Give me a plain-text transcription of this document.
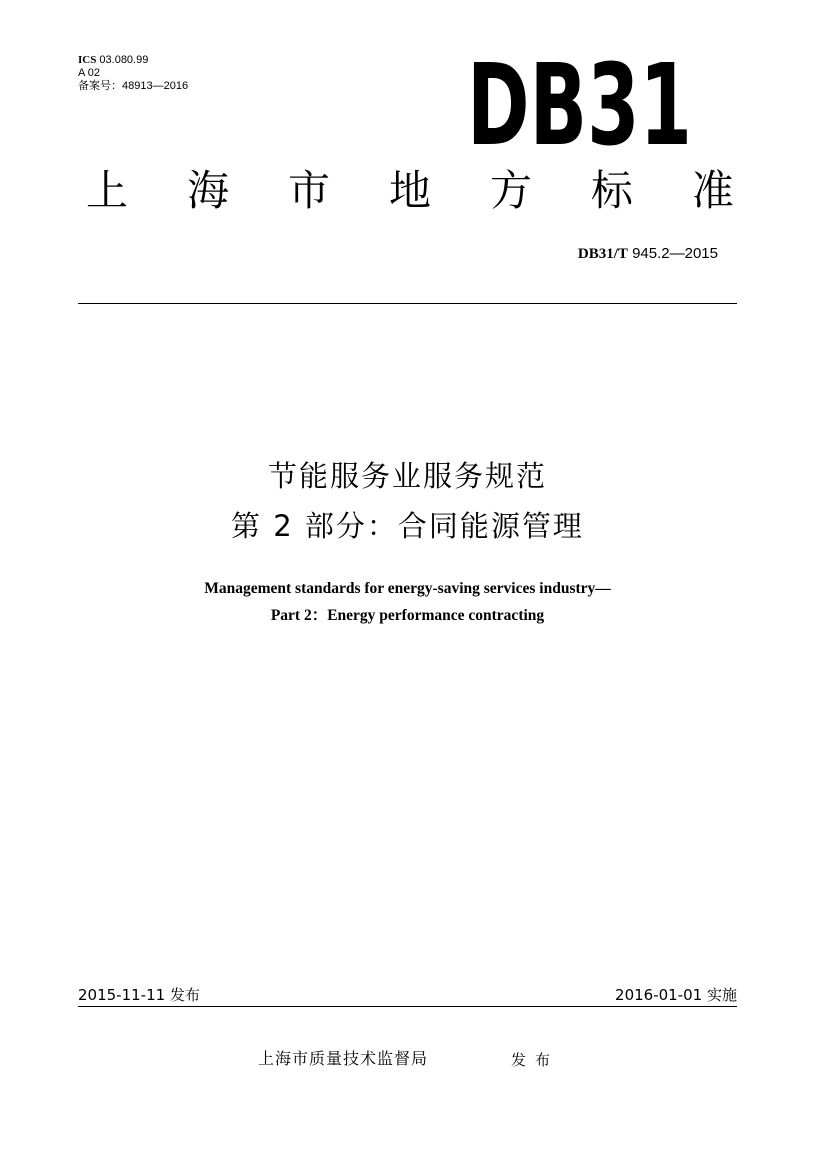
ICS 03.080.99
A 02
备案号：48913—2016 DB31
上 海 市 地 方 标 准
DB31/T 945.2—2015
节能服务业服务规范
第 2 部分：合同能源管理
Management standards for energy-saving services industry—
Part 2：Energy performance contracting
2015-11-11 发布	2016-01-01 实施
上海市质量技术监督局	发布
